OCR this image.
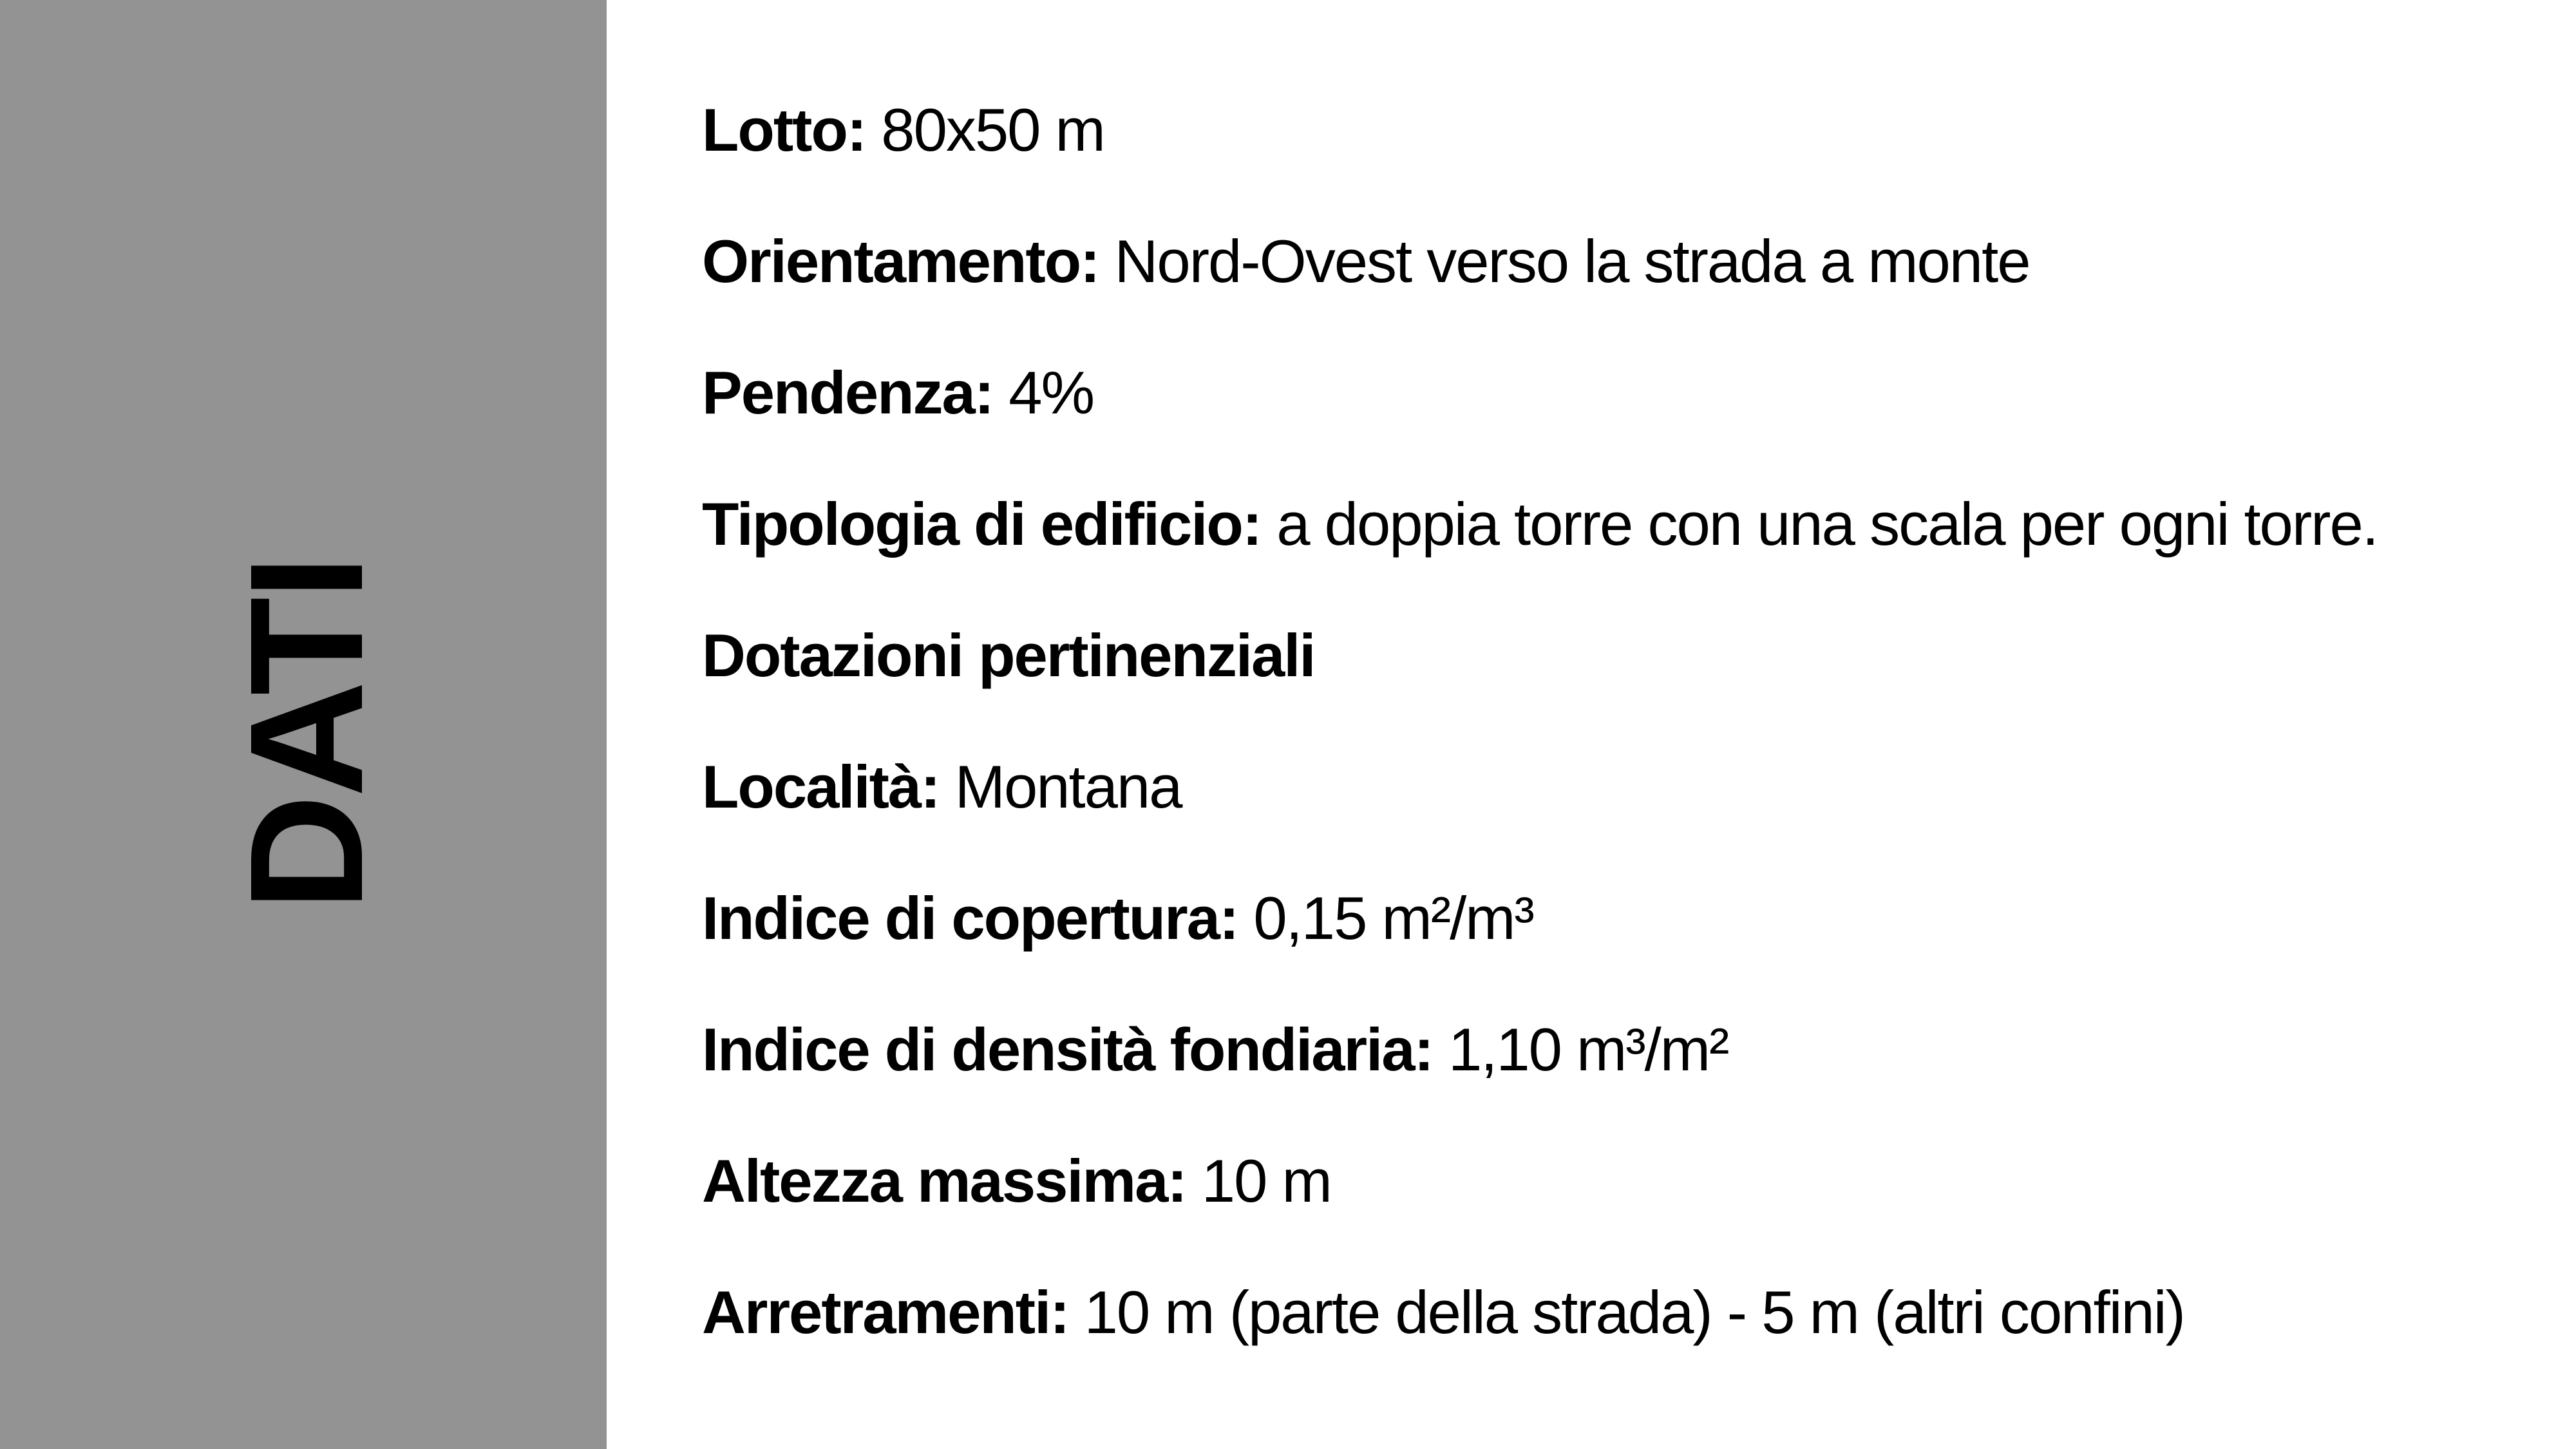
DATI
Lotto: 80x50 m
Orientamento: Nord-Ovest verso la strada a monte
Pendenza: 4%
Tipologia di edificio: a doppia torre con una scala per ogni torre.
Dotazioni pertinenziali
Località: Montana
Indice di copertura: 0,15 m²/m³
Indice di densità fondiaria: 1,10 m³/m²
Altezza massima: 10 m
Arretramenti: 10 m (parte della strada) - 5 m (altri confini)
